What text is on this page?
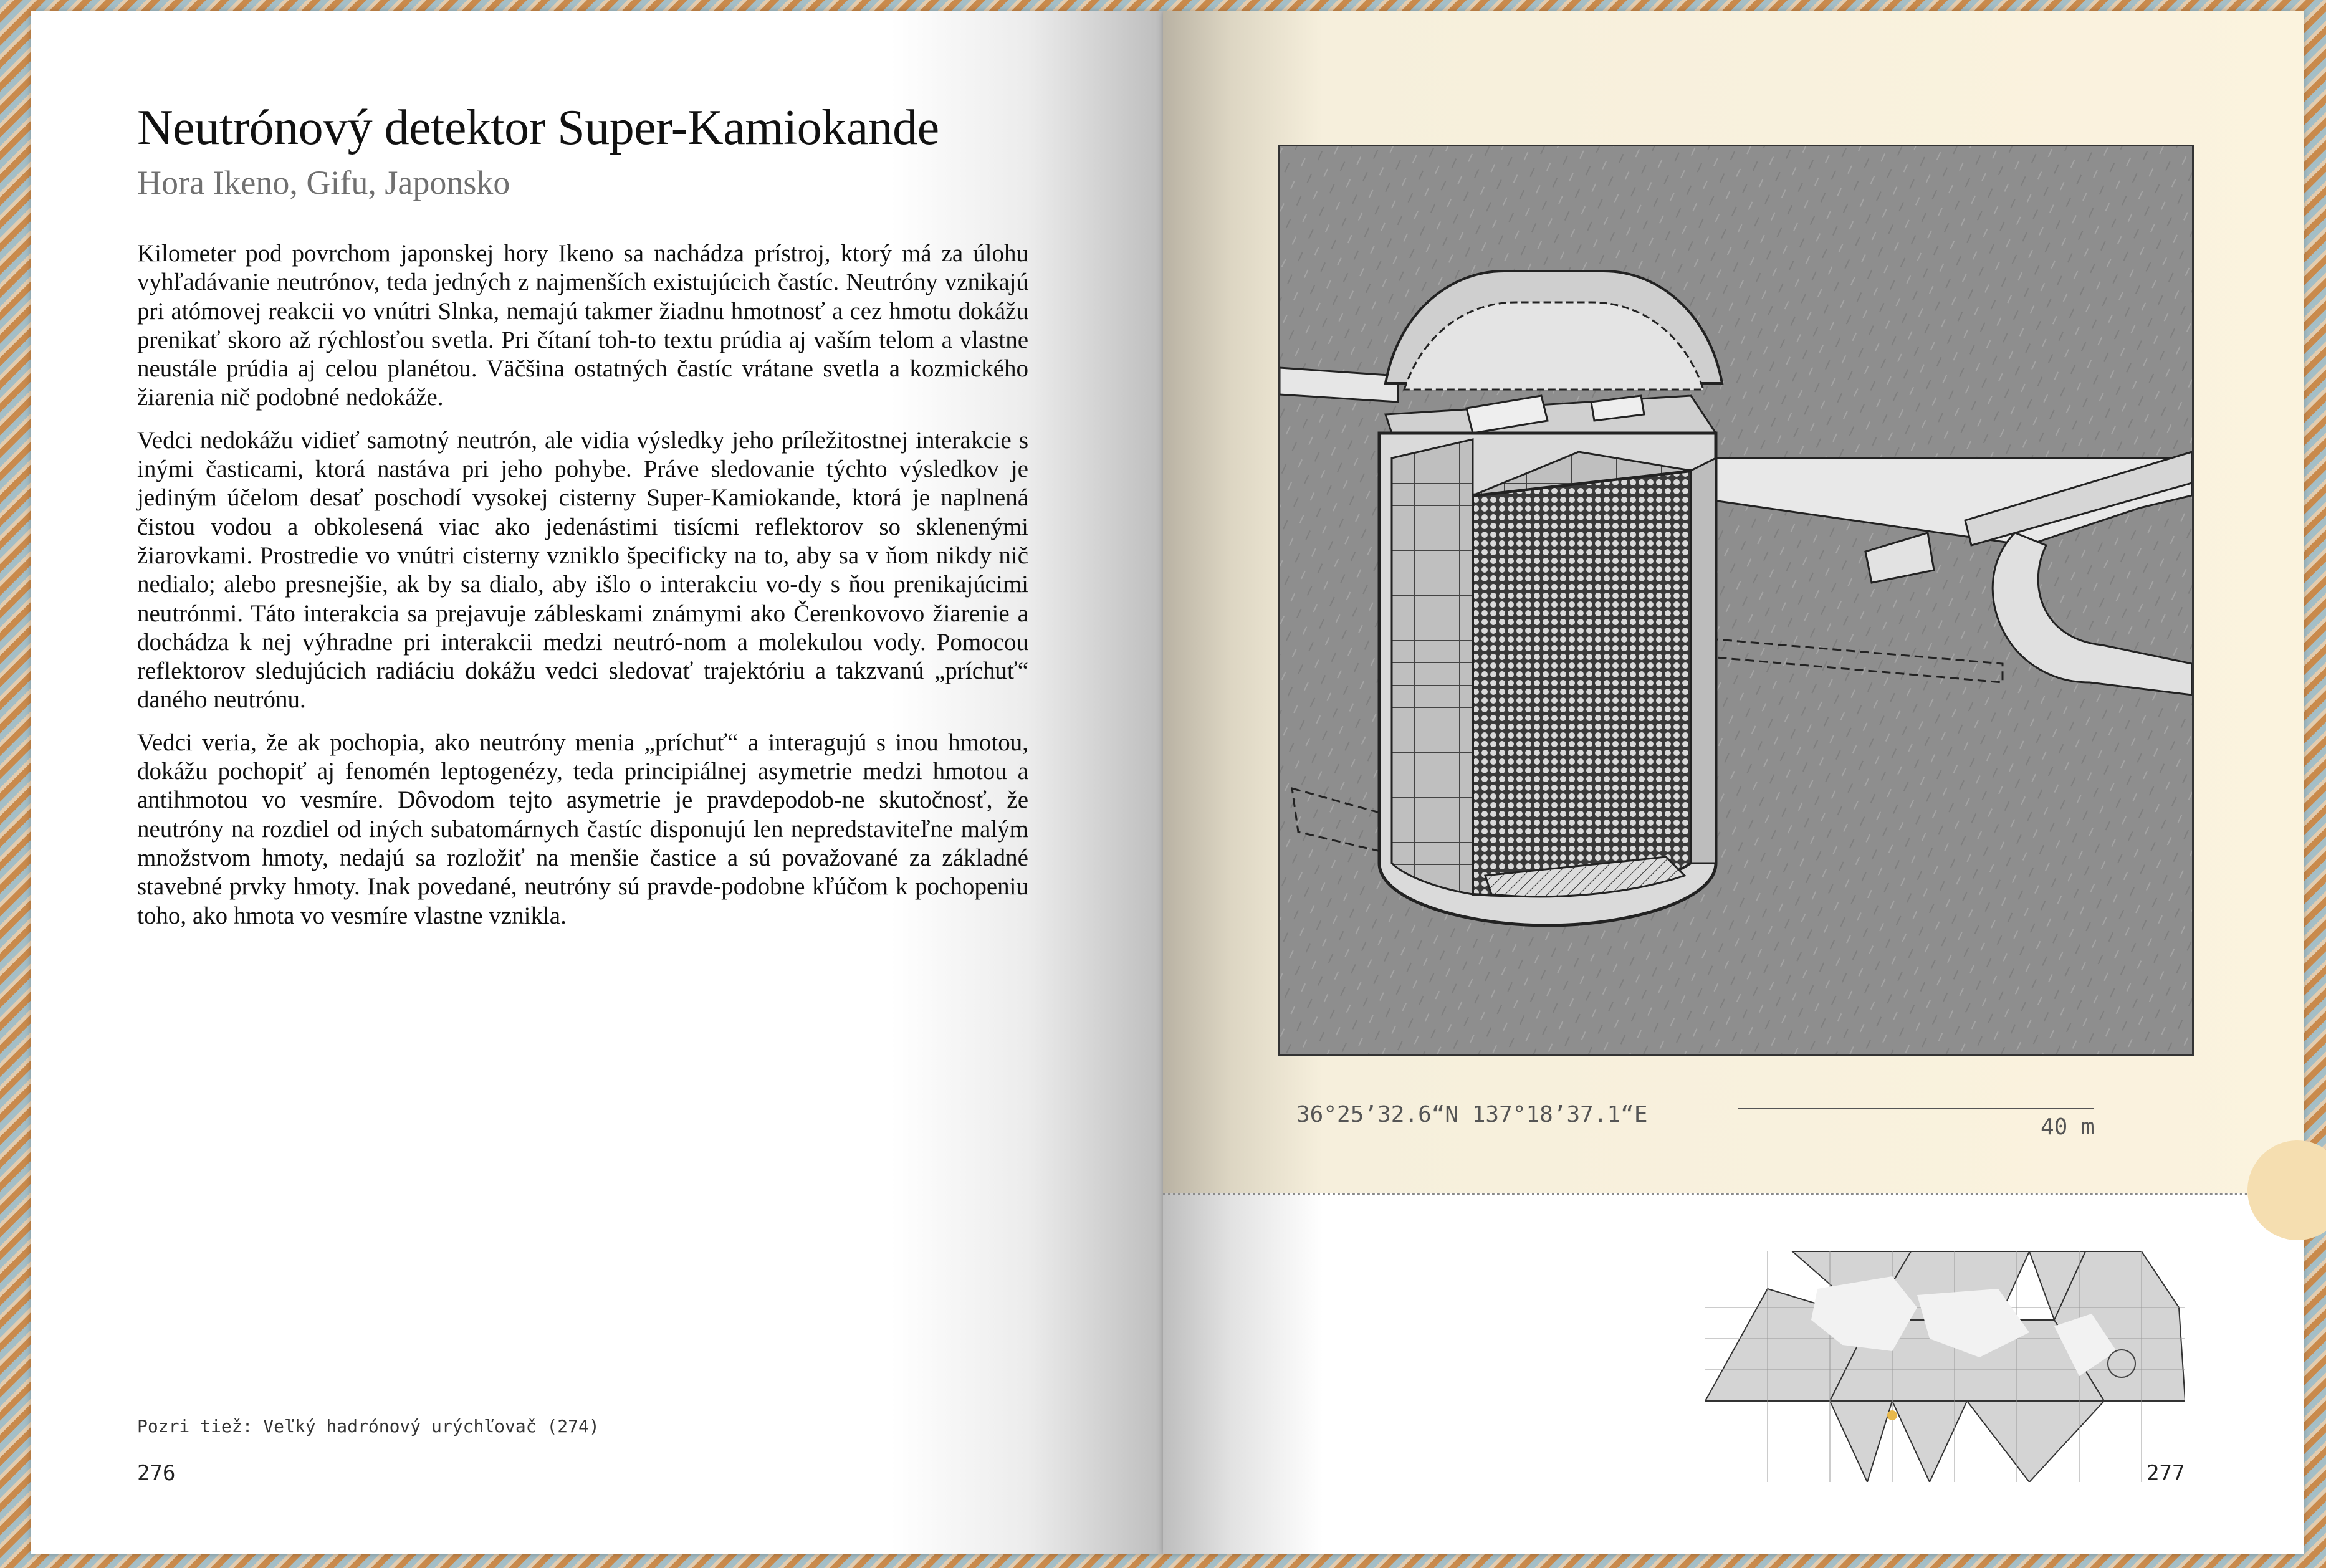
Neutrónový detektor Super-Kamiokande
Hora Ikeno, Gifu, Japonsko

Kilometer pod povrchom japonskej hory Ikeno sa nachádza prístroj, ktorý má za úlohu vyhľadávanie neutrónov, teda jedných z najmenších existujúcich častíc. Neutróny vznikajú pri atómovej reakcii vo vnútri Slnka, nemajú takmer žiadnu hmotnosť a cez hmotu dokážu prenikať skoro až rýchlosťou svetla. Pri čítaní toh-to textu prúdia aj vaším telom a vlastne neustále prúdia aj celou planétou. Väčšina ostatných častíc vrátane svetla a kozmického žiarenia nič podobné nedokáže.

Vedci nedokážu vidieť samotný neutrón, ale vidia výsledky jeho príležitostnej interakcie s inými časticami, ktorá nastáva pri jeho pohybe. Práve sledovanie týchto výsledkov je jediným účelom desať poschodí vysokej cisterny Super-Kamiokande, ktorá je naplnená čistou vodou a obkolesená viac ako jedenástimi tisícmi reflektorov so sklenenými žiarovkami. Prostredie vo vnútri cisterny vzniklo špecificky na to, aby sa v ňom nikdy nič nedialo; alebo presnejšie, ak by sa dialo, aby išlo o interakciu vo-dy s ňou prenikajúcimi neutrónmi. Táto interakcia sa prejavuje zábleskami známymi ako Čerenkovovo žiarenie a dochádza k nej výhradne pri interakcii medzi neutró-nom a molekulou vody. Pomocou reflektorov sledujúcich radiáciu dokážu vedci sledovať trajektóriu a takzvanú „príchuť“ daného neutrónu.

Vedci veria, že ak pochopia, ako neutróny menia „príchuť“ a interagujú s inou hmotou, dokážu pochopiť aj fenomén leptogenézy, teda principiálnej asymetrie medzi hmotou a antihmotou vo vesmíre. Dôvodom tejto asymetrie je pravdepodob-ne skutočnosť, že neutróny na rozdiel od iných subatomárnych častíc disponujú len nepredstaviteľne malým množstvom hmoty, nedajú sa rozložiť na menšie častice a sú považované za základné stavebné prvky hmoty. Inak povedané, neutróny sú pravde-podobne kľúčom k pochopeniu toho, ako hmota vo vesmíre vlastne vznikla.

Pozri tiež: Veľký hadrónový urýchľovač (274)
276
36°25’32.6“N 137°18’37.1“E	40 m
277
